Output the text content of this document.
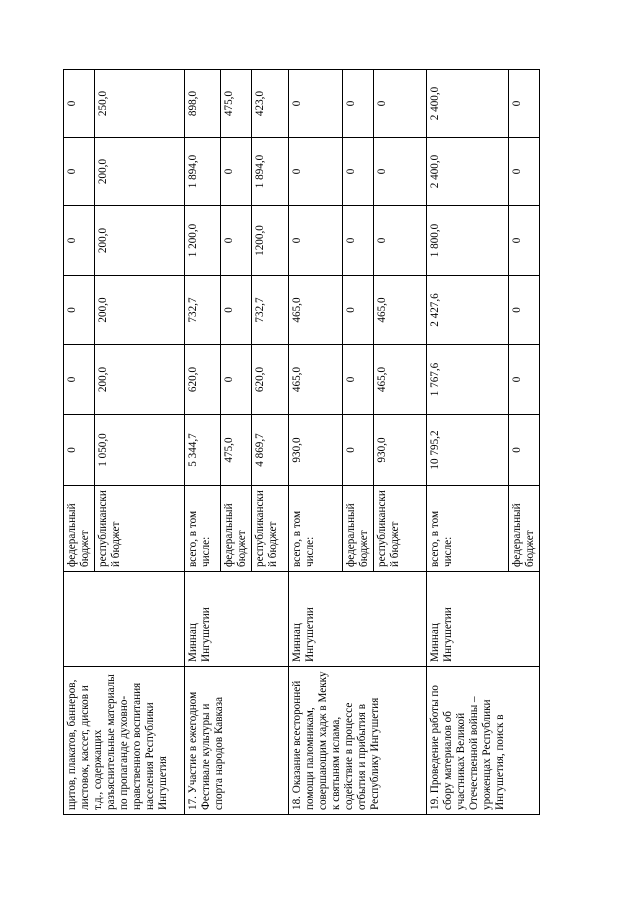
щитов, плакатов, баннеров, листовок, кассет, дисков и т.д., содержащих разъяснительные материалы по пропаганде духовно-нравственного воспитания населения Республики Ингушетия		федеральный бюджет	0	0	0	0	0	0
		республиканский бюджет	1 050,0	200,0	200,0	200,0	200,0	250,0
17. Участие в ежегодном Фестивале культуры и спорта народов Кавказа	Миннац Ингушетии	всего, в том числе:	5 344,7	620,0	732,7	1 200,0	1 894,0	898,0
		федеральный бюджет	475,0	0	0	0	0	475,0
		республиканский бюджет	4 869,7	620,0	732,7	1200,0	1 894,0	423,0
18. Оказание всесторонней помощи паломникам, совершающим хадж в Мекку к святыням ислама, содействие в процессе отбытия и прибытия в Республику Ингушетия	Миннац Ингушетии	всего, в том числе:	930,0	465,0	465,0	0	0	0
		федеральный бюджет	0	0	0	0	0	0
		республиканский бюджет	930,0	465,0	465,0	0	0	0
19. Проведение работы по сбору материалов об участниках Великой Отечественной войны – уроженцах Республики Ингушетия, поиск в	Миннац Ингушетии	всего, в том числе:	10 795,2	1 767,6	2 427,6	1 800,0	2 400,0	2 400,0
		федеральный бюджет	0	0	0	0	0	0
